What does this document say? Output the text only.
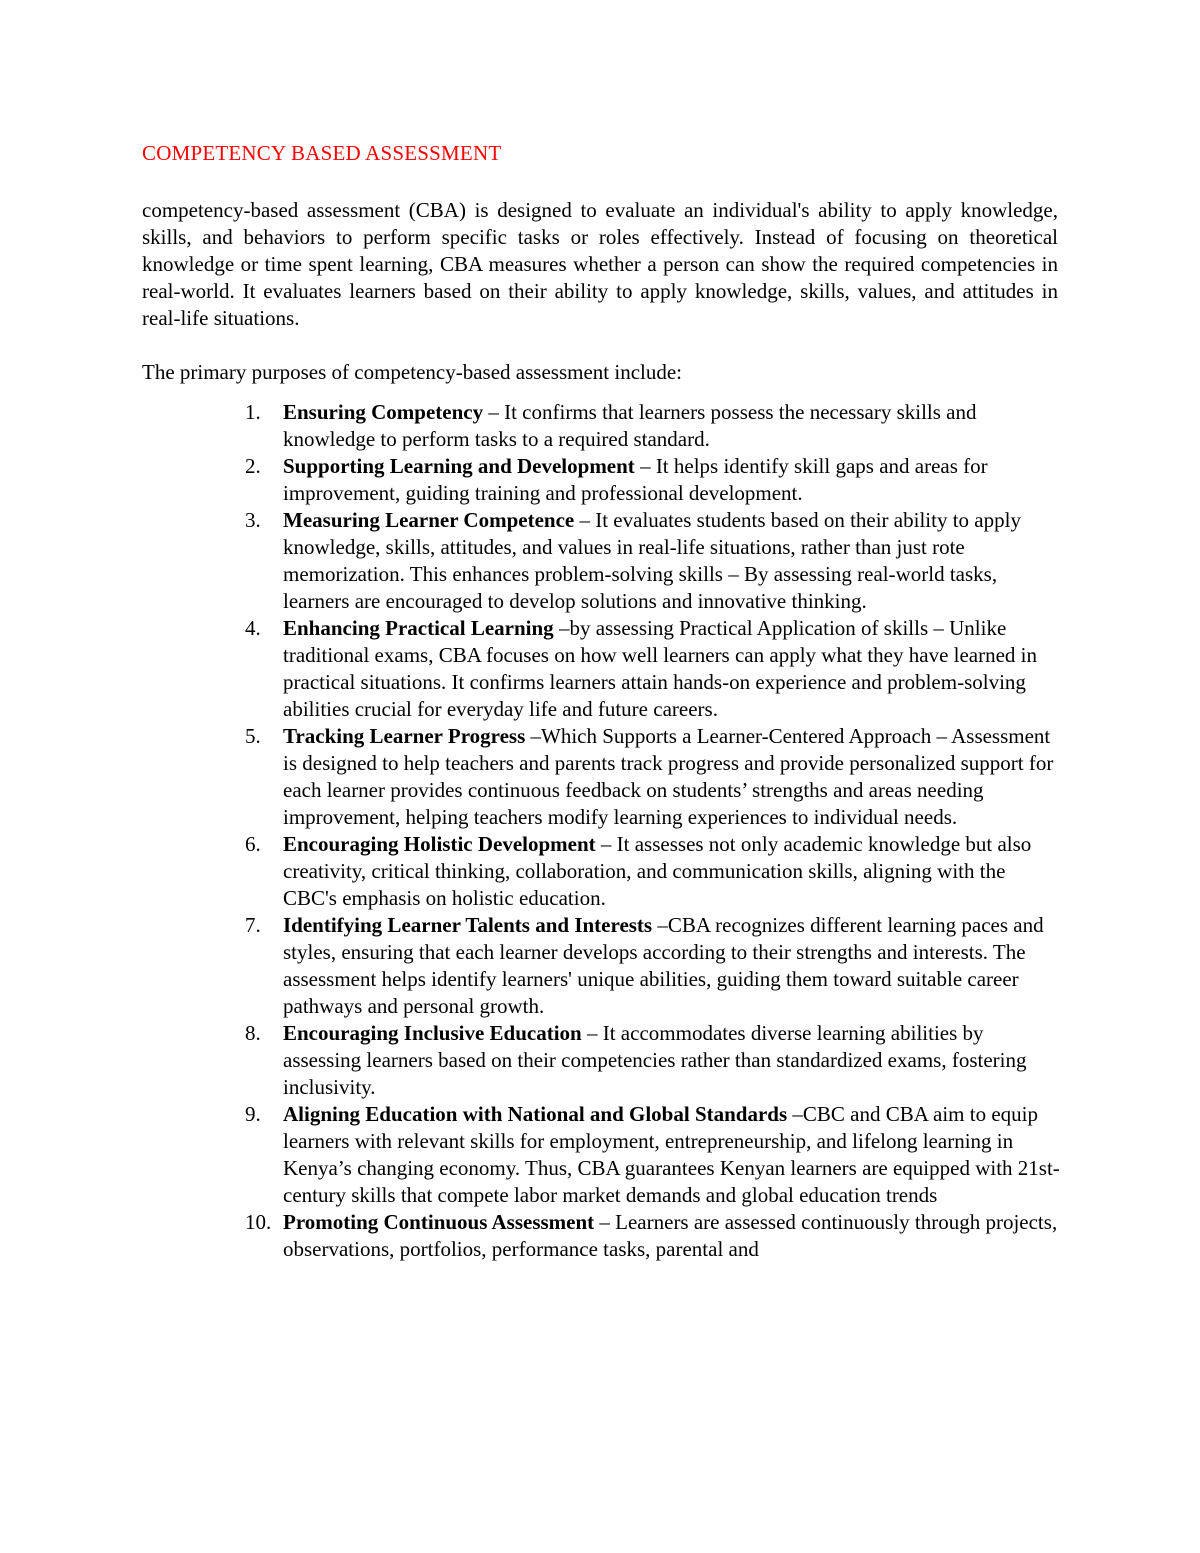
COMPETENCY BASED ASSESSMENT

competency-based assessment (CBA) is designed to evaluate an individual's ability to apply knowledge, skills, and behaviors to perform specific tasks or roles effectively. Instead of focusing on theoretical knowledge or time spent learning, CBA measures whether a person can show the required competencies in real-world. It evaluates learners based on their ability to apply knowledge, skills, values, and attitudes in real-life situations.

The primary purposes of competency-based assessment include:

1.	Ensuring Competency – It confirms that learners possess the necessary skills and knowledge to perform tasks to a required standard.
2.	Supporting Learning and Development – It helps identify skill gaps and areas for improvement, guiding training and professional development.
3.	Measuring Learner Competence – It evaluates students based on their ability to apply knowledge, skills, attitudes, and values in real-life situations, rather than just rote memorization. This enhances problem-solving skills – By assessing real-world tasks, learners are encouraged to develop solutions and innovative thinking.
4.	Enhancing Practical Learning –by assessing Practical Application of skills – Unlike traditional exams, CBA focuses on how well learners can apply what they have learned in practical situations. It confirms learners attain hands-on experience and problem-solving abilities crucial for everyday life and future careers.
5.	Tracking Learner Progress –Which Supports a Learner-Centered Approach – Assessment is designed to help teachers and parents track progress and provide personalized support for each learner provides continuous feedback on students’ strengths and areas needing improvement, helping teachers modify learning experiences to individual needs.
6.	Encouraging Holistic Development – It assesses not only academic knowledge but also creativity, critical thinking, collaboration, and communication skills, aligning with the CBC's emphasis on holistic education.
7.	Identifying Learner Talents and Interests –CBA recognizes different learning paces and styles, ensuring that each learner develops according to their strengths and interests. The assessment helps identify learners' unique abilities, guiding them toward suitable career pathways and personal growth.
8.	Encouraging Inclusive Education – It accommodates diverse learning abilities by assessing learners based on their competencies rather than standardized exams, fostering inclusivity.
9.	Aligning Education with National and Global Standards –CBC and CBA aim to equip learners with relevant skills for employment, entrepreneurship, and lifelong learning in Kenya’s changing economy. Thus, CBA guarantees Kenyan learners are equipped with 21st-century skills that compete labor market demands and global education trends
10. Promoting Continuous Assessment – Learners are assessed continuously through projects, observations, portfolios, performance tasks, parental and
